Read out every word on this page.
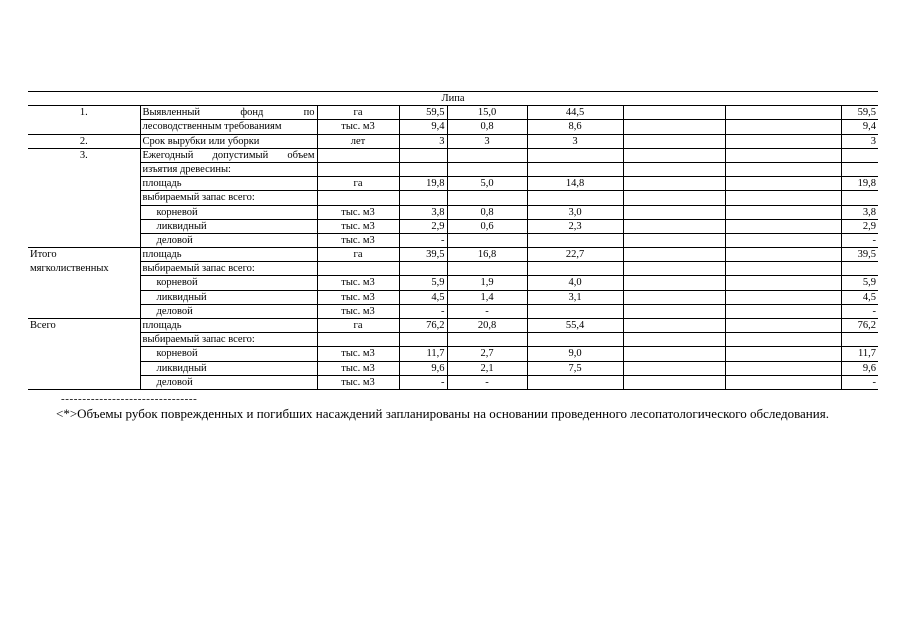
Липа								
1.	Выявленный фонд по	га	59,5	15,0	44,5			59,5
	лесоводственным требованиям	тыс. м3	9,4	0,8	8,6			9,4
2.	Срок вырубки или уборки	лет	3	3	3			3
3.	Ежегодный допустимый объем							
	изъятия древесины:							
	площадь	га	19,8	5,0	14,8			19,8
	выбираемый запас всего:							
	корневой	тыс. м3	3,8	0,8	3,0			3,8
	ликвидный	тыс. м3	2,9	0,6	2,3			2,9
	деловой	тыс. м3	-					-
Итого	площадь	га	39,5	16,8	22,7			39,5
мягколиственных	выбираемый запас всего:							
	корневой	тыс. м3	5,9	1,9	4,0			5,9
	ликвидный	тыс. м3	4,5	1,4	3,1			4,5
	деловой	тыс. м3	-	-				-
Всего	площадь	га	76,2	20,8	55,4			76,2
	выбираемый запас всего:							
	корневой	тыс. м3	11,7	2,7	9,0			11,7
	ликвидный	тыс. м3	9,6	2,1	7,5			9,6
	деловой	тыс. м3	-	-				-
--------------------------------
<*>Объемы рубок поврежденных и погибших насаждений запланированы на основании проведенного лесопатологического обследования.
